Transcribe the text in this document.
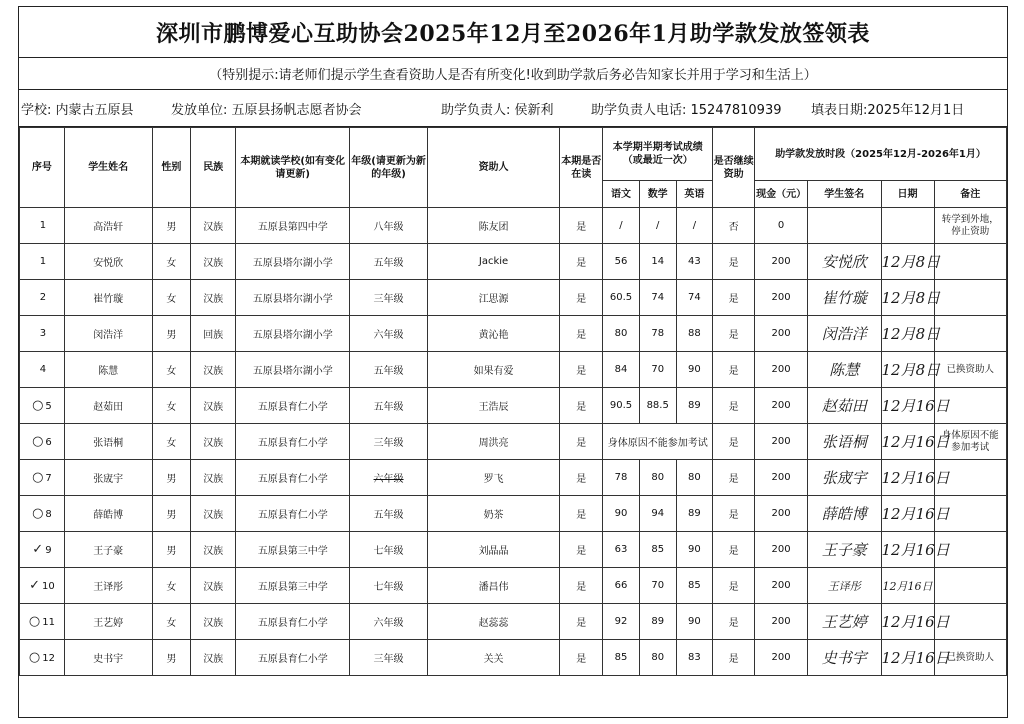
深圳市鹏博爱心互助协会2025年12月至2026年1月助学款发放签领表
（特别提示:请老师们提示学生查看资助人是否有所变化!收到助学款后务必告知家长并用于学习和生活上）
学校: 内蒙古五原县	发放单位: 五原县扬帆志愿者协会	助学负责人: 侯新利	助学负责人电话: 15247810939	填表日期:2025年12月1日
序号	学生姓名	性别	民族	本期就读学校(如有变化请更新)	年级(请更新为新的年级)	资助人	本期是否在读	本学期半期考试成绩（或最近一次）			是否继续资助	助学款发放时段（2025年12月-2026年1月）			
								语文	数学	英语		现金（元）	学生签名	日期	备注
1	高浩轩	男	汉族	五原县第四中学	八年级	陈友团	是	/	/	/	否	0			转学到外地，停止资助
1	安悦欣	女	汉族	五原县塔尔湖小学	五年级	Jackie	是	56	14	43	是	200	安悦欣	12月8日	
2	崔竹璇	女	汉族	五原县塔尔湖小学	三年级	江思源	是	60.5	74	74	是	200	崔竹璇	12月8日	
3	闵浩洋	男	回族	五原县塔尔湖小学	六年级	黄沁艳	是	80	78	88	是	200	闵浩洋	12月8日	
4	陈慧	女	汉族	五原县塔尔湖小学	五年级	如果有爱	是	84	70	90	是	200	陈慧	12月8日	已换资助人
○ 5	赵茹田	女	汉族	五原县育仁小学	五年级	王浩辰	是	90.5	88.5	89	是	200	赵茹田	12月16日	
○ 6	张语桐	女	汉族	五原县育仁小学	三年级	周洪亮	是	身体原因不能参加考试			是	200	张语桐	12月16日	身体原因不能参加考试
○ 7	张宬宇	男	汉族	五原县育仁小学	六年级	罗飞	是	78	80	80	是	200	张宬宇	12月16日	
○ 8	薛皓博	男	汉族	五原县育仁小学	五年级	奶茶	是	90	94	89	是	200	薛皓博	12月16日	
✓ 9	王子豪	男	汉族	五原县第三中学	七年级	刘晶晶	是	63	85	90	是	200	王子豪	12月16日	
✓ 10	王译彤	女	汉族	五原县第三中学	七年级	潘昌伟	是	66	70	85	是	200	王译彤	12月16日	
○ 11	王艺婷	女	汉族	五原县育仁小学	六年级	赵蕊蕊	是	92	89	90	是	200	王艺婷	12月16日	
○ 12	史书宇	男	汉族	五原县育仁小学	三年级	关关	是	85	80	83	是	200	史书宇	12月16日	已换资助人
